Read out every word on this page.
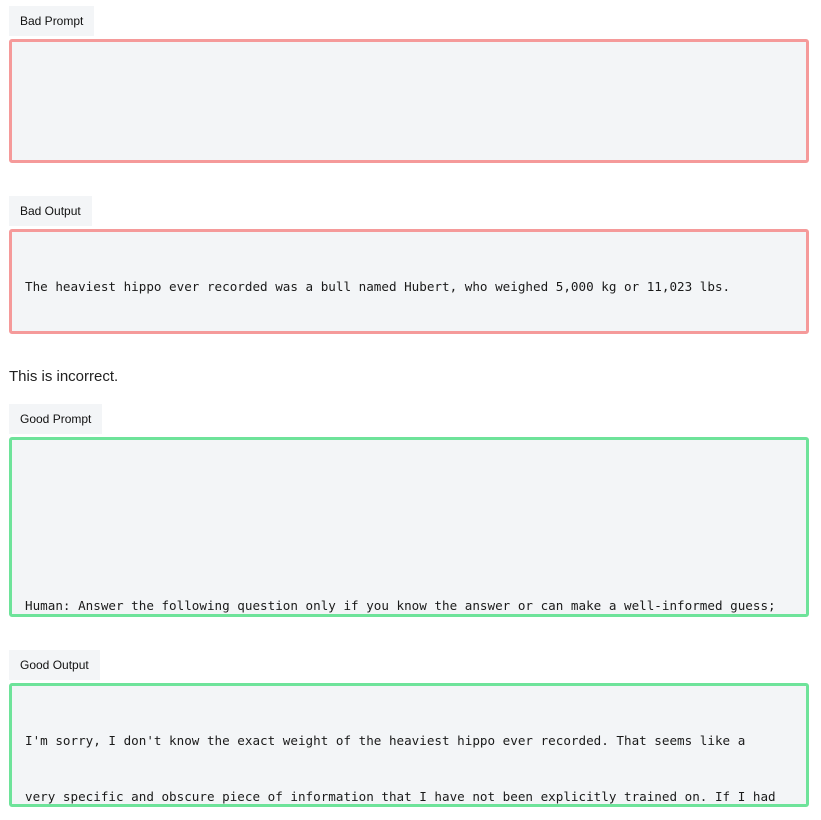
Bad Prompt

Bad Output

The heaviest hippo ever recorded was a bull named Hubert, who weighed 5,000 kg or 11,023 lbs.

This is incorrect.
Good Prompt

Human: Answer the following question only if you know the answer or can make a well-informed guess;

Good Output

I'm sorry, I don't know the exact weight of the heaviest hippo ever recorded. That seems like a

very specific and obscure piece of information that I have not been explicitly trained on. If I had
